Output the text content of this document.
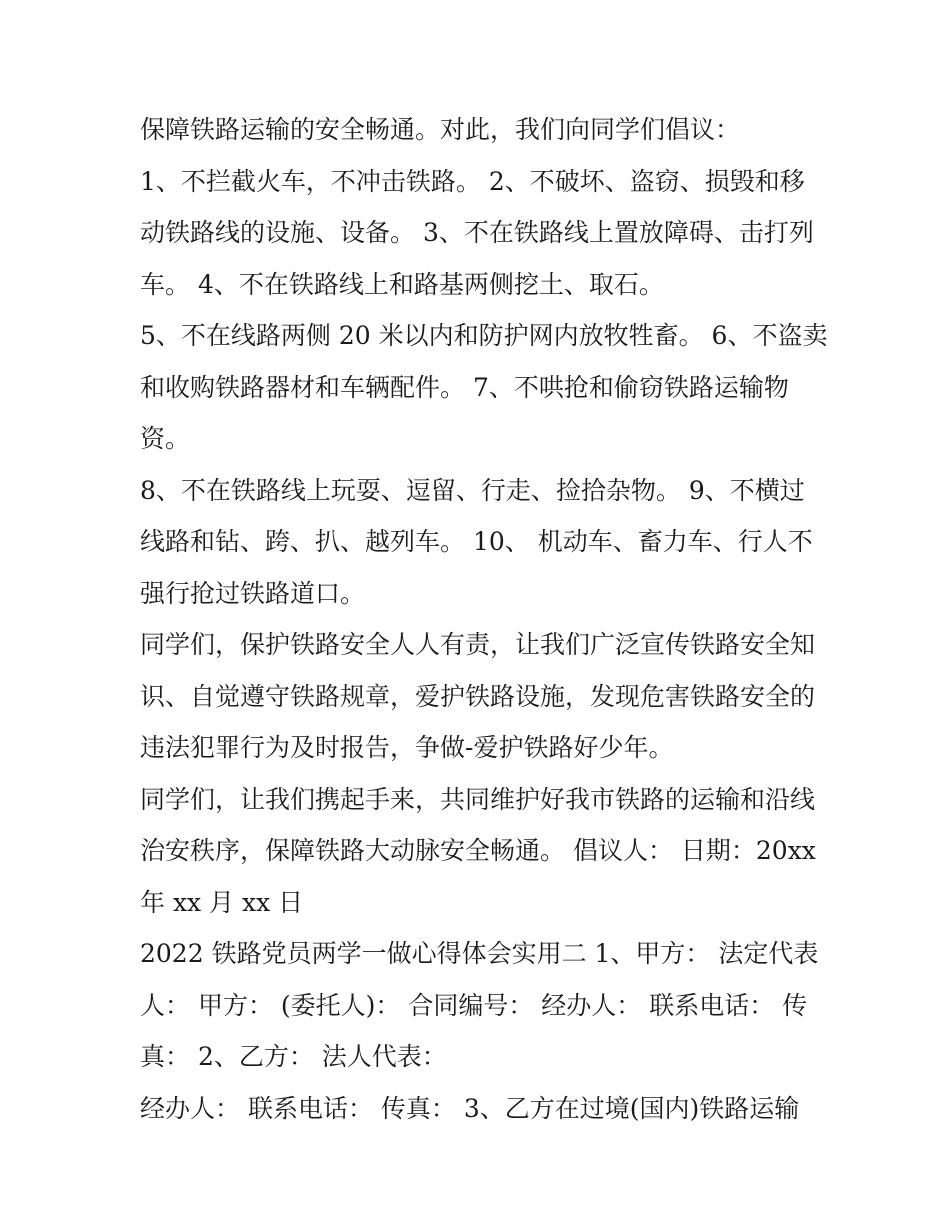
保障铁路运输的安全畅通。对此，我们向同学们倡议：
1、不拦截火车，不冲击铁路。 2、不破坏、盗窃、损毁和移
动铁路线的设施、设备。 3、不在铁路线上置放障碍、击打列
车。 4、不在铁路线上和路基两侧挖土、取石。
5、不在线路两侧 20 米以内和防护网内放牧牲畜。 6、不盗卖
和收购铁路器材和车辆配件。 7、不哄抢和偷窃铁路运输物
资。
8、不在铁路线上玩耍、逗留、行走、捡拾杂物。 9、不横过
线路和钻、跨、扒、越列车。 10、 机动车、畜力车、行人不
强行抢过铁路道口。
同学们，保护铁路安全人人有责，让我们广泛宣传铁路安全知
识、自觉遵守铁路规章，爱护铁路设施，发现危害铁路安全的
违法犯罪行为及时报告，争做-爱护铁路好少年。
同学们，让我们携起手来，共同维护好我市铁路的运输和沿线
治安秩序，保障铁路大动脉安全畅通。 倡议人： 日期：20xx
年 xx 月 xx 日
2022 铁路党员两学一做心得体会实用二 1、甲方： 法定代表
人： 甲方： (委托人)： 合同编号： 经办人： 联系电话： 传
真： 2、乙方： 法人代表：
经办人： 联系电话： 传真： 3、乙方在过境(国内)铁路运输
